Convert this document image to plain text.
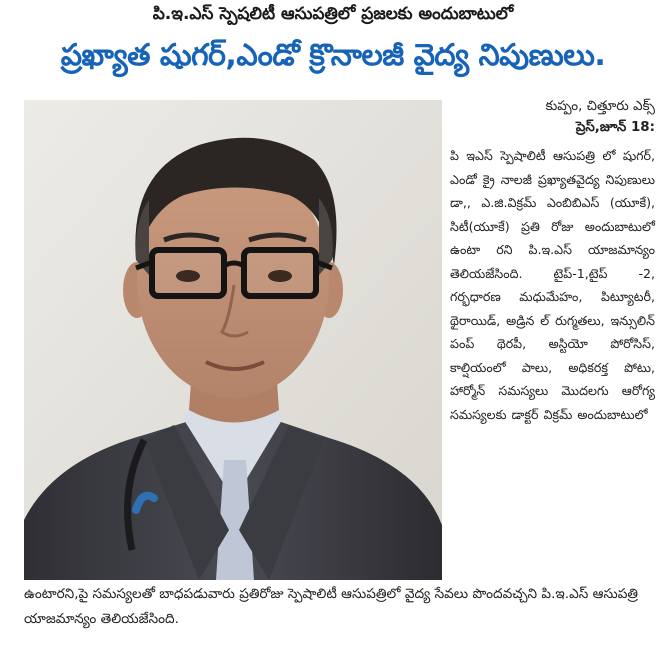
పి.ఇ.ఎస్ స్పెషలిటీ ఆసుపత్రిలో ప్రజలకు అందుబాటులో
ప్రఖ్యాత షుగర్,ఎండో క్రొనాలజీ వైద్య నిపుణులు.
కుప్పం, చిత్తూరు ఎక్స్
ప్రెస్,జూన్ 18:
పి ఇఎస్ స్పెషాలిటీ ఆసుపత్రి లో షుగర్, ఎండో క్రై నాలజీ ప్రఖ్యాతవైద్య నిపుణులు డా,, ఎ.జి.విక్రమ్ ఎంబిబిఎస్ (యూకే), సిటీ(యూకే) ప్రతి రోజు అందుబాటులో ఉంటా రని పి.ఇ.ఎస్ యాజమాన్యం తెలియజేసింది. టైప్-1,టైప్ -2, గర్భధారణ మధుమేహం, పిట్యూటరీ, థైరాయిడ్, అడ్రిన ల్ రుగ్మతలు, ఇన్సులిన్ పంప్ థెరపీ, అస్టియో పోరోసిస్, కాల్షియంలో పాలు, అధికరక్త పోటు, హార్మోన్ సమస్యలు మొదలగు ఆరోగ్య సమస్యలకు డాక్టర్ విక్రమ్ అందుబాటులో
ఉంటారని,పై సమస్యలతో బాధపడువారు ప్రతిరోజు స్పెషాలిటీ ఆసుపత్రిలో వైద్య సేవలు పొందవచ్చని పి.ఇ.ఎస్ ఆసుపత్రి యాజమాన్యం తెలియజేసింది.
